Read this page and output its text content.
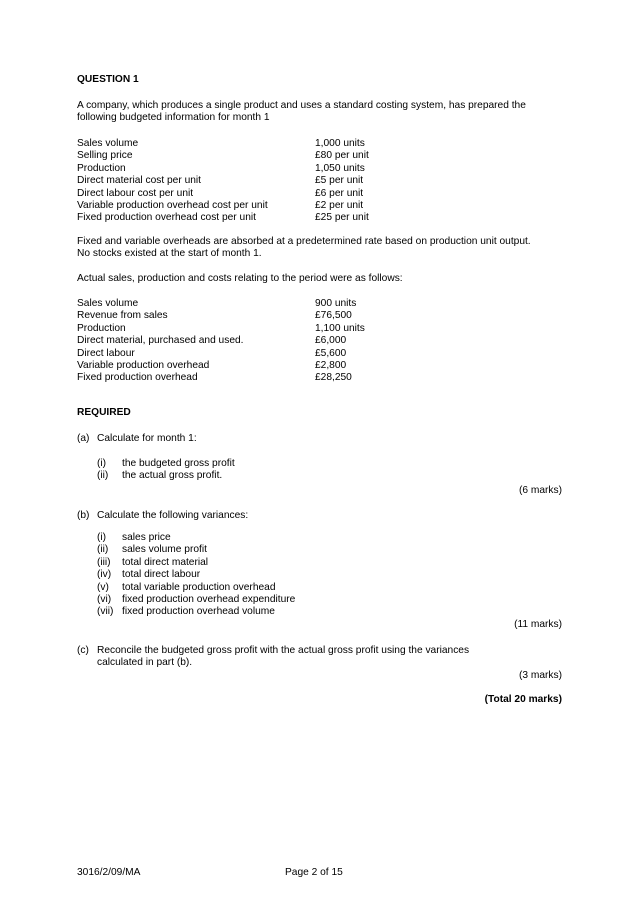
QUESTION 1
A company, which produces a single product and uses a standard costing system, has prepared the
following budgeted information for month 1
Sales volume	1,000 units
Selling price	£80 per unit
Production	1,050 units
Direct material cost per unit	£5 per unit
Direct labour cost per unit	£6 per unit
Variable production overhead cost per unit	£2 per unit
Fixed production overhead cost per unit	£25 per unit
Fixed and variable overheads are absorbed at a predetermined rate based on production unit output.
No stocks existed at the start of month 1.
Actual sales, production and costs relating to the period were as follows:
Sales volume	900 units
Revenue from sales	£76,500
Production	1,100 units
Direct material, purchased and used.	£6,000
Direct labour	£5,600
Variable production overhead	£2,800
Fixed production overhead	£28,250
REQUIRED
(a) Calculate for month 1:
(i) the budgeted gross profit
(ii) the actual gross profit.
(6 marks)
(b) Calculate the following variances:
(i) sales price
(ii) sales volume profit
(iii) total direct material
(iv) total direct labour
(v) total variable production overhead
(vi) fixed production overhead expenditure
(vii) fixed production overhead volume
(11 marks)
(c) Reconcile the budgeted gross profit with the actual gross profit using the variances
calculated in part (b).
(3 marks)
(Total 20 marks)
3016/2/09/MA	Page 2 of 15
